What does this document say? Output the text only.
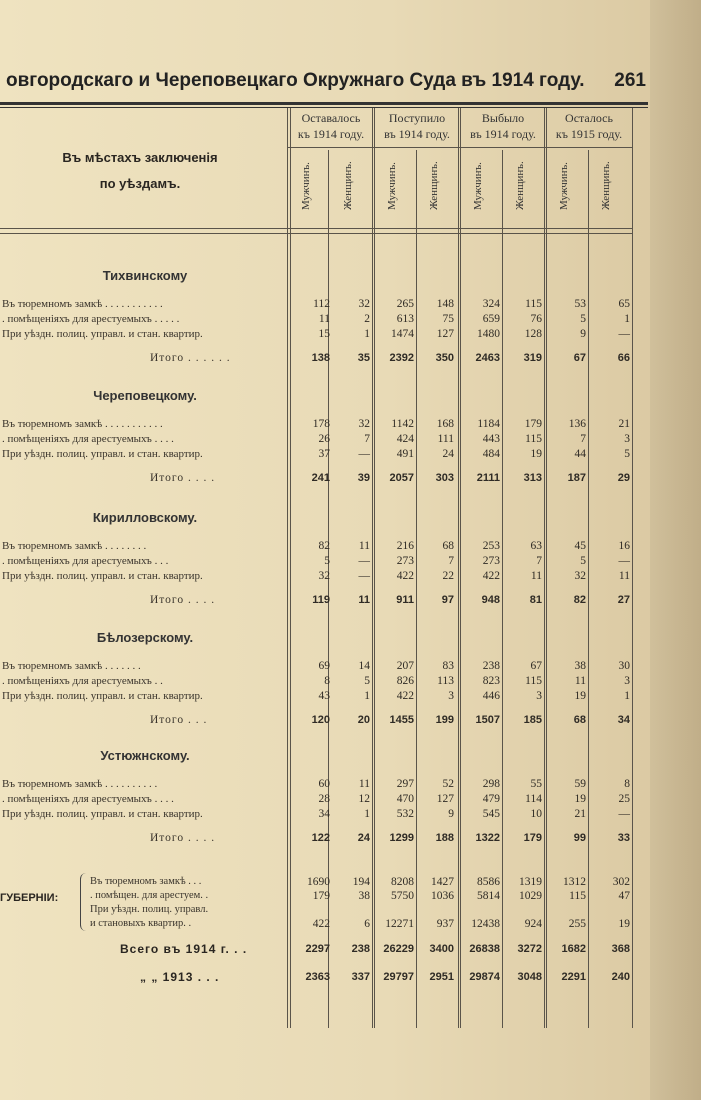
овгородскаго и Череповецкаго Окружнаго Суда въ 1914 году. 261
Въ мѣстахъ заключенія
по уѣздамъ.
Оставалось
къ 1914 году.
Мужчинъ.	Женщинъ.
Поступило
въ 1914 году.
Мужчинъ.	Женщинъ.
Выбыло
въ 1914 году.
Мужчинъ.	Женщинъ.
Осталось
къ 1915 году.
Мужчинъ.	Женщинъ.
Тихвинскому
Въ тюремномъ замкѣ . . . . . . . . . . .	112	32	265	148	324	115	53	65
. помѣщеніяхъ для арестуемыхъ . . . . .	11	2	613	75	659	76	5	1
При уѣздн. полиц. управл. и стан. квартир.	15	1	1474	127	1480	128	9	—
Итого . . . . . .	138	35	2392	350	2463	319	67	66
Череповецкому.
Въ тюремномъ замкѣ . . . . . . . . . . .	178	32	1142	168	1184	179	136	21
. помѣщеніяхъ для арестуемыхъ . . . .	26	7	424	111	443	115	7	3
При уѣздн. полиц. управл. и стан. квартир.	37	—	491	24	484	19	44	5
Итого . . . .	241	39	2057	303	2111	313	187	29
Кирилловскому.
Въ тюремномъ замкѣ . . . . . . . .	82	11	216	68	253	63	45	16
. помѣщеніяхъ для арестуемыхъ . . .	5	—	273	7	273	7	5	—
При уѣздн. полиц. управл. и стан. квартир.	32	—	422	22	422	11	32	11
Итого . . . .	119	11	911	97	948	81	82	27
Бѣлозерскому.
Въ тюремномъ замкѣ . . . . . . .	69	14	207	83	238	67	38	30
. помѣщеніяхъ для арестуемыхъ . .	8	5	826	113	823	115	11	3
При уѣздн. полиц. управл. и стан. квартир.	43	1	422	3	446	3	19	1
Итого . . .	120	20	1455	199	1507	185	68	34
Устюжнскому.
Въ тюремномъ замкѣ . . . . . . . . . .	60	11	297	52	298	55	59	8
. помѣщеніяхъ для арестуемыхъ . . . .	28	12	470	127	479	114	19	25
При уѣздн. полиц. управл. и стан. квартир.	34	1	532	9	545	10	21	—
Итого . . . .	122	24	1299	188	1322	179	99	33
ГУБЕРНІИ:
Въ тюремномъ замкѣ . . .	1690	194	8208	1427	8586	1319	1312	302
. помѣщен. для арестуем. .	179	38	5750	1036	5814	1029	115	47
При уѣздн. полиц. управл.
и становыхъ квартир. .	422	6	12271	937	12438	924	255	19
Всего въ 1914 г. . .	2297	238	26229	3400	26838	3272	1682	368
„ „ 1913 . . .	2363	337	29797	2951	29874	3048	2291	240
